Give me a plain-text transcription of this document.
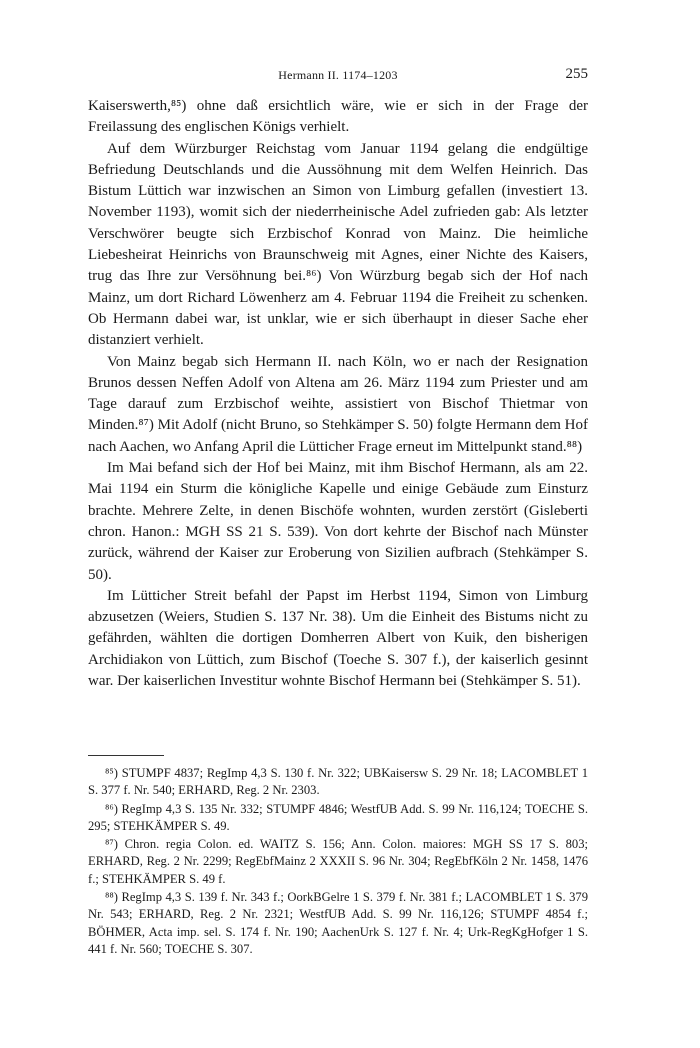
Hermann II. 1174–1203	255

Kaiserswerth,⁸⁵) ohne daß ersichtlich wäre, wie er sich in der Frage der Freilassung des englischen Königs verhielt.

Auf dem Würzburger Reichstag vom Januar 1194 gelang die endgültige Befriedung Deutschlands und die Aussöhnung mit dem Welfen Heinrich. Das Bistum Lüttich war inzwischen an Simon von Limburg gefallen (investiert 13. November 1193), womit sich der niederrheinische Adel zufrieden gab: Als letzter Verschwörer beugte sich Erzbischof Konrad von Mainz. Die heimliche Liebesheirat Heinrichs von Braunschweig mit Agnes, einer Nichte des Kaisers, trug das Ihre zur Versöhnung bei.⁸⁶) Von Würzburg begab sich der Hof nach Mainz, um dort Richard Löwenherz am 4. Februar 1194 die Freiheit zu schenken. Ob Hermann dabei war, ist unklar, wie er sich überhaupt in dieser Sache eher distanziert verhielt.

Von Mainz begab sich Hermann II. nach Köln, wo er nach der Resignation Brunos dessen Neffen Adolf von Altena am 26. März 1194 zum Priester und am Tage darauf zum Erzbischof weihte, assistiert von Bischof Thietmar von Minden.⁸⁷) Mit Adolf (nicht Bruno, so Stehkämper S. 50) folgte Hermann dem Hof nach Aachen, wo Anfang April die Lütticher Frage erneut im Mittelpunkt stand.⁸⁸)

Im Mai befand sich der Hof bei Mainz, mit ihm Bischof Hermann, als am 22. Mai 1194 ein Sturm die königliche Kapelle und einige Gebäude zum Einsturz brachte. Mehrere Zelte, in denen Bischöfe wohnten, wurden zerstört (Gisleberti chron. Hanon.: MGH SS 21 S. 539). Von dort kehrte der Bischof nach Münster zurück, während der Kaiser zur Eroberung von Sizilien aufbrach (Stehkämper S. 50).

Im Lütticher Streit befahl der Papst im Herbst 1194, Simon von Limburg abzusetzen (Weiers, Studien S. 137 Nr. 38). Um die Einheit des Bistums nicht zu gefährden, wählten die dortigen Domherren Albert von Kuik, den bisherigen Archidiakon von Lüttich, zum Bischof (Toeche S. 307 f.), der kaiserlich gesinnt war. Der kaiserlichen Investitur wohnte Bischof Hermann bei (Stehkämper S. 51).

⁸⁵) STUMPF 4837; RegImp 4,3 S. 130 f. Nr. 322; UBKaisersw S. 29 Nr. 18; LACOMBLET 1 S. 377 f. Nr. 540; ERHARD, Reg. 2 Nr. 2303.

⁸⁶) RegImp 4,3 S. 135 Nr. 332; STUMPF 4846; WestfUB Add. S. 99 Nr. 116,124; TOECHE S. 295; STEHKÄMPER S. 49.

⁸⁷) Chron. regia Colon. ed. WAITZ S. 156; Ann. Colon. maiores: MGH SS 17 S. 803; ERHARD, Reg. 2 Nr. 2299; RegEbfMainz 2 XXXII S. 96 Nr. 304; RegEbfKöln 2 Nr. 1458, 1476 f.; STEHKÄMPER S. 49 f.

⁸⁸) RegImp 4,3 S. 139 f. Nr. 343 f.; OorkBGelre 1 S. 379 f. Nr. 381 f.; LACOMBLET 1 S. 379 Nr. 543; ERHARD, Reg. 2 Nr. 2321; WestfUB Add. S. 99 Nr. 116,126; STUMPF 4854 f.; BÖHMER, Acta imp. sel. S. 174 f. Nr. 190; AachenUrk S. 127 f. Nr. 4; Urk-RegKgHofger 1 S. 441 f. Nr. 560; TOECHE S. 307.
